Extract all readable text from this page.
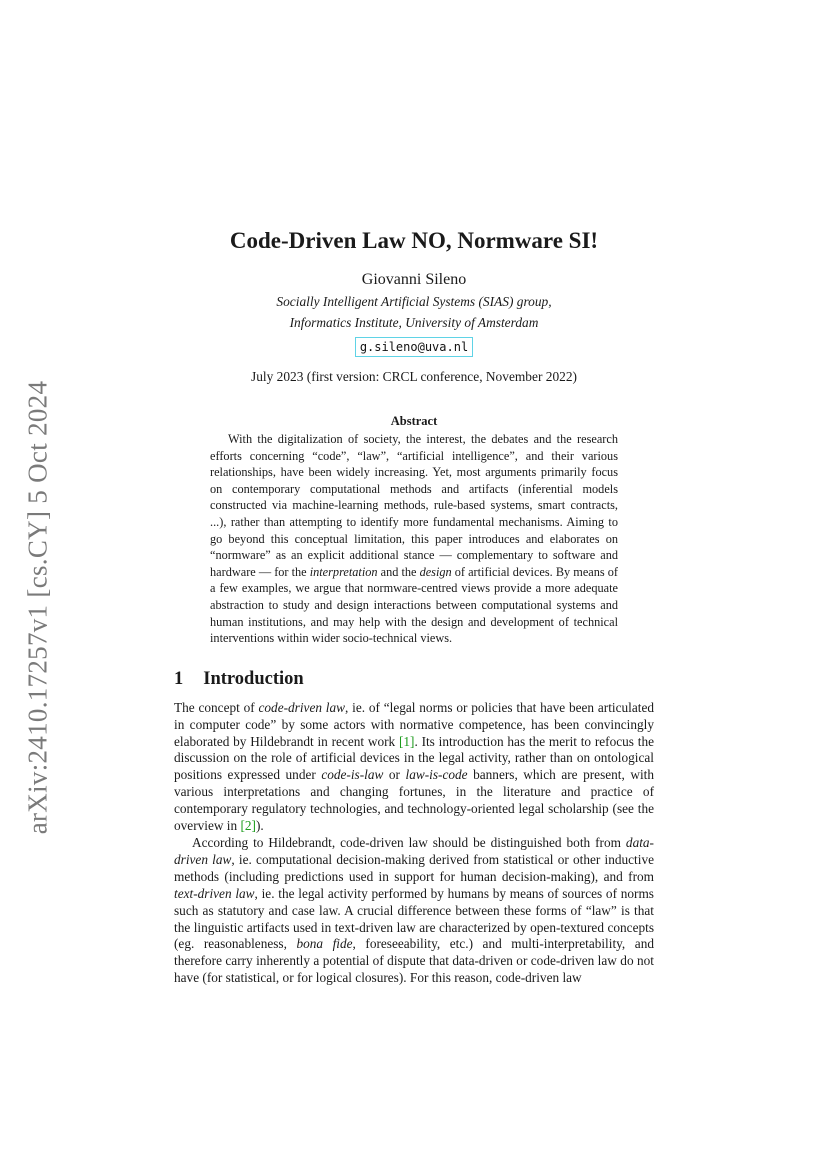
arXiv:2410.17257v1 [cs.CY] 5 Oct 2024
Code-Driven Law NO, Normware SI!
Giovanni Sileno
Socially Intelligent Artificial Systems (SIAS) group,
Informatics Institute, University of Amsterdam
g.sileno@uva.nl
July 2023 (first version: CRCL conference, November 2022)
Abstract

With the digitalization of society, the interest, the debates and the research efforts concerning “code”, “law”, “artificial intelligence”, and their various relationships, have been widely increasing. Yet, most arguments primarily focus on contemporary computational methods and artifacts (inferential models constructed via machine-learning methods, rule-based systems, smart contracts, ...), rather than attempting to identify more fundamental mechanisms. Aiming to go beyond this conceptual limitation, this paper introduces and elaborates on “normware” as an explicit additional stance — complementary to software and hardware — for the interpretation and the design of artificial devices. By means of a few examples, we argue that normware-centred views provide a more adequate abstraction to study and design interactions between computational systems and human institutions, and may help with the design and development of technical interventions within wider socio-technical views.

1 Introduction

The concept of code-driven law, ie. of “legal norms or policies that have been articulated in computer code” by some actors with normative competence, has been convincingly elaborated by Hildebrandt in recent work [1]. Its introduction has the merit to refocus the discussion on the role of artificial devices in the legal activity, rather than on ontological positions expressed under code-is-law or law-is-code banners, which are present, with various interpretations and changing fortunes, in the literature and practice of contemporary regulatory technologies, and technology-oriented legal scholarship (see the overview in [2]).

According to Hildebrandt, code-driven law should be distinguished both from data-driven law, ie. computational decision-making derived from statistical or other inductive methods (including predictions used in support for human decision-making), and from text-driven law, ie. the legal activity performed by humans by means of sources of norms such as statutory and case law. A crucial difference between these forms of “law” is that the linguistic artifacts used in text-driven law are characterized by open-textured concepts (eg. reasonableness, bona fide, foreseeability, etc.) and multi-interpretability, and therefore carry inherently a potential of dispute that data-driven or code-driven law do not have (for statistical, or for logical closures). For this reason, code-driven law
